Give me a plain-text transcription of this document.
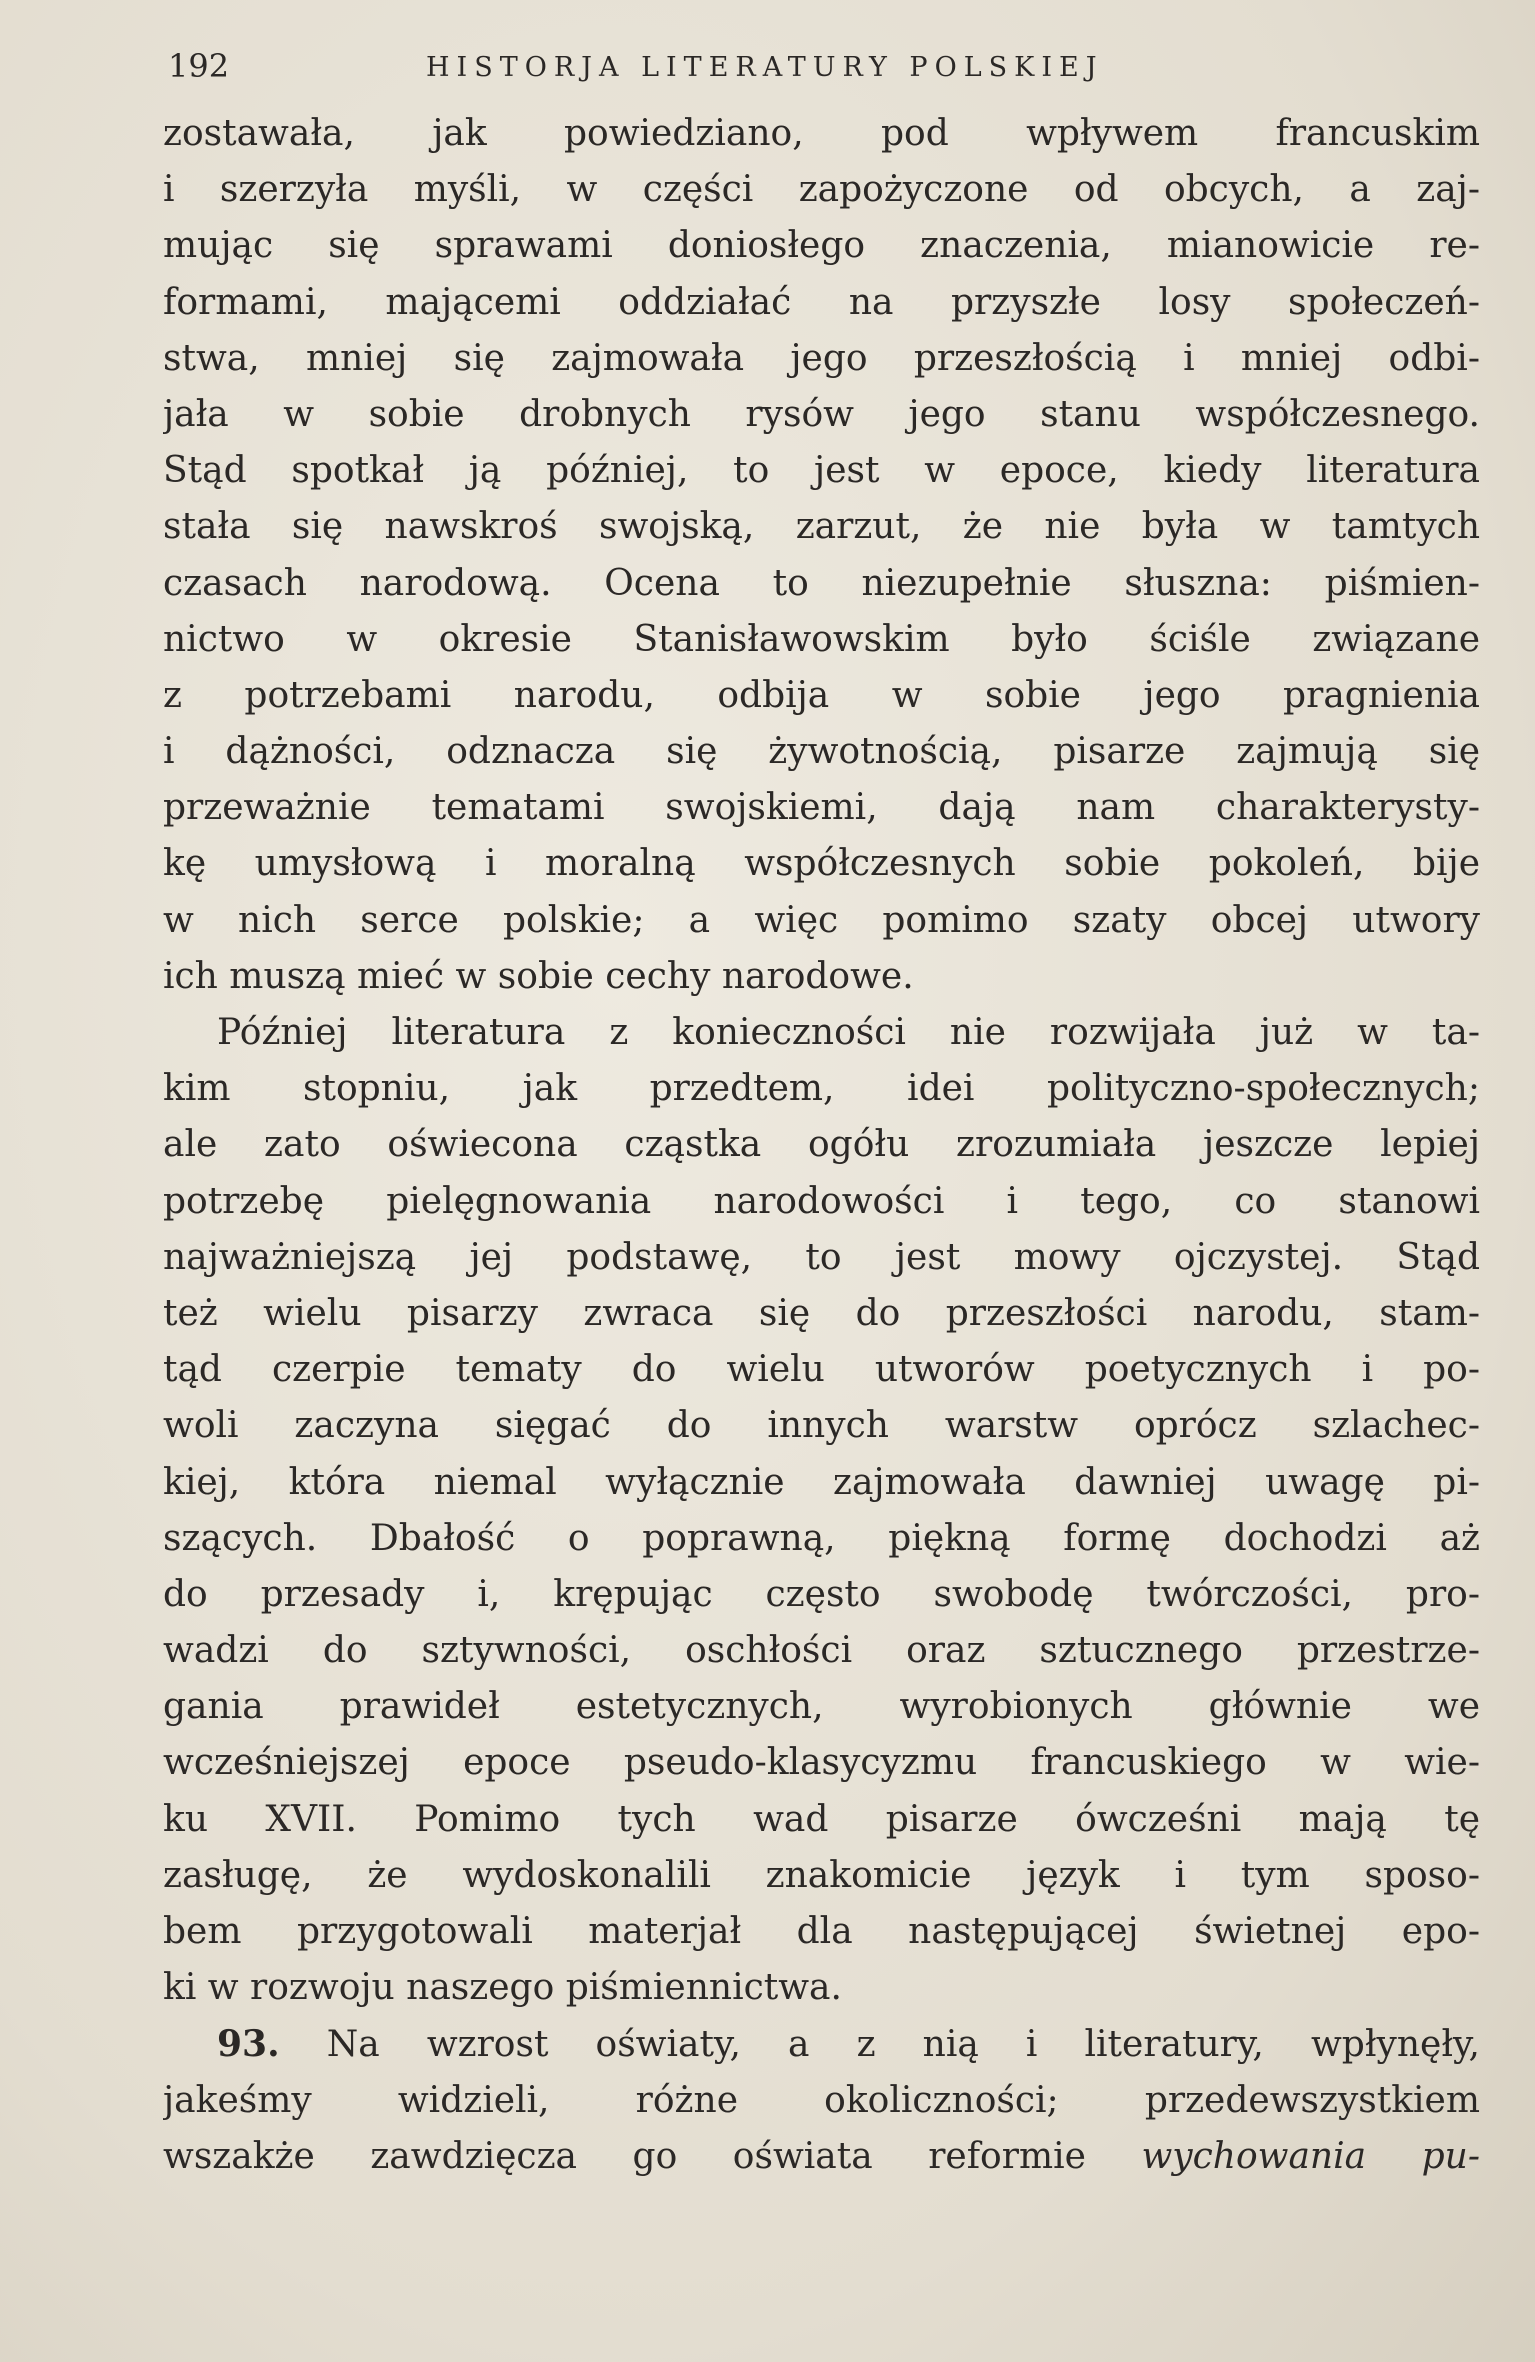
192	HISTORJA LITERATURY POLSKIEJ
zostawała, jak powiedziano, pod wpływem francuskim
i szerzyła myśli, w części zapożyczone od obcych, a zaj-
mując się sprawami doniosłego znaczenia, mianowicie re-
formami, mającemi oddziałać na przyszłe losy społeczeń-
stwa, mniej się zajmowała jego przeszłością i mniej odbi-
jała w sobie drobnych rysów jego stanu współczesnego.
Stąd spotkał ją później, to jest w epoce, kiedy literatura
stała się nawskroś swojską, zarzut, że nie była w tamtych
czasach narodową. Ocena to niezupełnie słuszna: piśmien-
nictwo w okresie Stanisławowskim było ściśle związane
z potrzebami narodu, odbija w sobie jego pragnienia
i dążności, odznacza się żywotnością, pisarze zajmują się
przeważnie tematami swojskiemi, dają nam charakterysty-
kę umysłową i moralną współczesnych sobie pokoleń, bije
w nich serce polskie; a więc pomimo szaty obcej utwory
ich muszą mieć w sobie cechy narodowe.
Później literatura z konieczności nie rozwijała już w ta-
kim stopniu, jak przedtem, idei polityczno-społecznych;
ale zato oświecona cząstka ogółu zrozumiała jeszcze lepiej
potrzebę pielęgnowania narodowości i tego, co stanowi
najważniejszą jej podstawę, to jest mowy ojczystej. Stąd
też wielu pisarzy zwraca się do przeszłości narodu, stam-
tąd czerpie tematy do wielu utworów poetycznych i po-
woli zaczyna sięgać do innych warstw oprócz szlachec-
kiej, która niemal wyłącznie zajmowała dawniej uwagę pi-
szących. Dbałość o poprawną, piękną formę dochodzi aż
do przesady i, krępując często swobodę twórczości, pro-
wadzi do sztywności, oschłości oraz sztucznego przestrze-
gania prawideł estetycznych, wyrobionych głównie we
wcześniejszej epoce pseudo-klasycyzmu francuskiego w wie-
ku XVII. Pomimo tych wad pisarze ówcześni mają tę
zasługę, że wydoskonalili znakomicie język i tym sposo-
bem przygotowali materjał dla następującej świetnej epo-
ki w rozwoju naszego piśmiennictwa.
93. Na wzrost oświaty, a z nią i literatury, wpłynęły,
jakeśmy widzieli, różne okoliczności; przedewszystkiem
wszakże zawdzięcza go oświata reformie wychowania pu-
